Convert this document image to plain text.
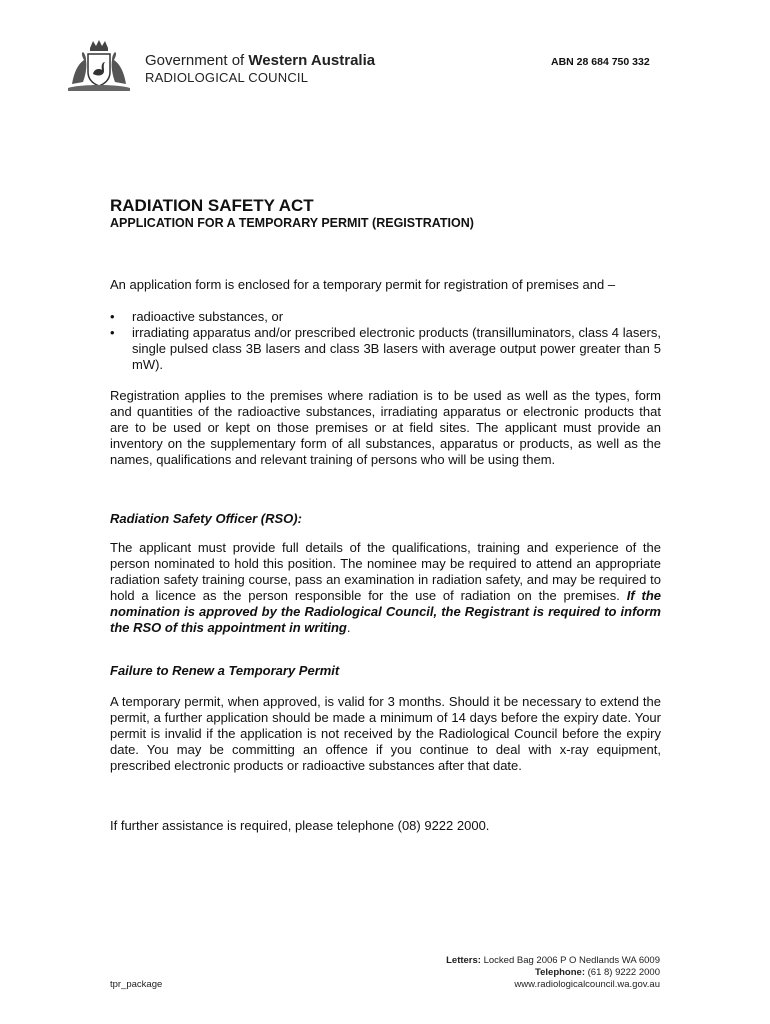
Government of Western Australia
RADIOLOGICAL COUNCIL
ABN 28 684 750 332
RADIATION SAFETY ACT
APPLICATION FOR A TEMPORARY PERMIT (REGISTRATION)
An application form is enclosed for a temporary permit for registration of premises and –
• radioactive substances, or
• irradiating apparatus and/or prescribed electronic products (transilluminators, class 4 lasers, single pulsed class 3B lasers and class 3B lasers with average output power greater than 5 mW).
Registration applies to the premises where radiation is to be used as well as the types, form and quantities of the radioactive substances, irradiating apparatus or electronic products that are to be used or kept on those premises or at field sites. The applicant must provide an inventory on the supplementary form of all substances, apparatus or products, as well as the names, qualifications and relevant training of persons who will be using them.
Radiation Safety Officer (RSO):
The applicant must provide full details of the qualifications, training and experience of the person nominated to hold this position. The nominee may be required to attend an appropriate radiation safety training course, pass an examination in radiation safety, and may be required to hold a licence as the person responsible for the use of radiation on the premises. If the nomination is approved by the Radiological Council, the Registrant is required to inform the RSO of this appointment in writing.
Failure to Renew a Temporary Permit
A temporary permit, when approved, is valid for 3 months. Should it be necessary to extend the permit, a further application should be made a minimum of 14 days before the expiry date. Your permit is invalid if the application is not received by the Radiological Council before the expiry date. You may be committing an offence if you continue to deal with x-ray equipment, prescribed electronic products or radioactive substances after that date.
If further assistance is required, please telephone (08) 9222 2000.
Letters: Locked Bag 2006 P O Nedlands WA 6009
Telephone: (61 8) 9222 2000
www.radiologicalcouncil.wa.gov.au
tpr_package
